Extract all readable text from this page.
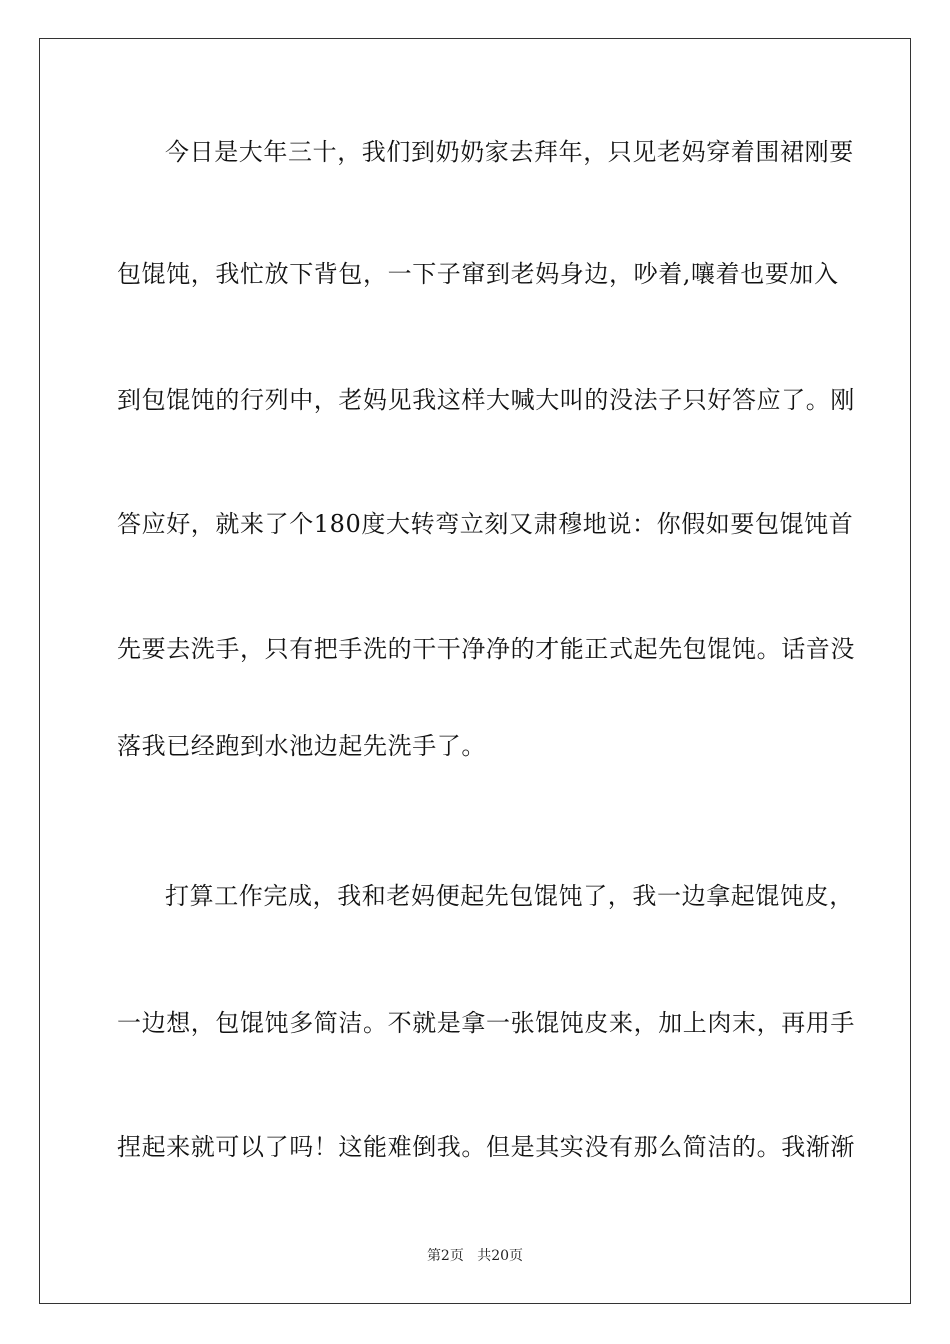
今日是大年三十，我们到奶奶家去拜年，只见老妈穿着围裙刚要
包馄饨，我忙放下背包，一下子窜到老妈身边，吵着,嚷着也要加入
到包馄饨的行列中，老妈见我这样大喊大叫的没法子只好答应了。刚
答应好，就来了个180度大转弯立刻又肃穆地说：你假如要包馄饨首
先要去洗手，只有把手洗的干干净净的才能正式起先包馄饨。话音没
落我已经跑到水池边起先洗手了。
打算工作完成，我和老妈便起先包馄饨了，我一边拿起馄饨皮，
一边想，包馄饨多简洁。不就是拿一张馄饨皮来，加上肉末，再用手
捏起来就可以了吗！这能难倒我。但是其实没有那么简洁的。我渐渐
第2页 共20页
